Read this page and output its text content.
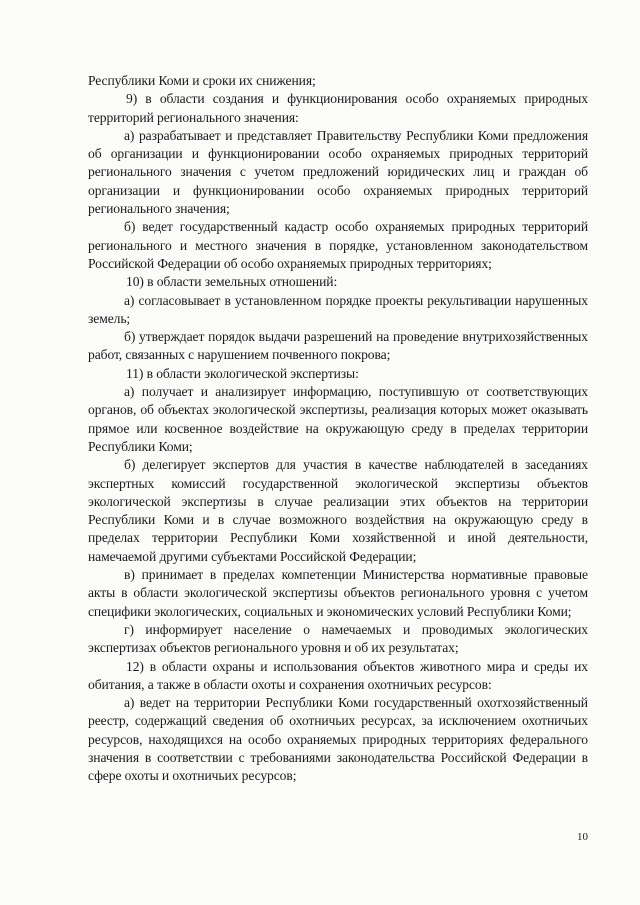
Республики Коми и сроки их снижения;

9) в области создания и функционирования особо охраняемых природных территорий регионального значения:

а) разрабатывает и представляет Правительству Республики Коми предложения об организации и функционировании особо охраняемых природных территорий регионального значения с учетом предложений юридических лиц и граждан об организации и функционировании особо охраняемых природных территорий регионального значения;

б) ведет государственный кадастр особо охраняемых природных территорий регионального и местного значения в порядке, установленном законодательством Российской Федерации об особо охраняемых природных территориях;

10) в области земельных отношений:

а) согласовывает в установленном порядке проекты рекультивации нарушенных земель;

б) утверждает порядок выдачи разрешений на проведение внутрихозяйственных работ, связанных с нарушением почвенного покрова;

11) в области экологической экспертизы:

а) получает и анализирует информацию, поступившую от соответствующих органов, об объектах экологической экспертизы, реализация которых может оказывать прямое или косвенное воздействие на окружающую среду в пределах территории Республики Коми;

б) делегирует экспертов для участия в качестве наблюдателей в заседаниях экспертных комиссий государственной экологической экспертизы объектов экологической экспертизы в случае реализации этих объектов на территории Республики Коми и в случае возможного воздействия на окружающую среду в пределах территории Республики Коми хозяйственной и иной деятельности, намечаемой другими субъектами Российской Федерации;

в) принимает в пределах компетенции Министерства нормативные правовые акты в области экологической экспертизы объектов регионального уровня с учетом специфики экологических, социальных и экономических условий Республики Коми;

г) информирует население о намечаемых и проводимых экологических экспертизах объектов регионального уровня и об их результатах;

12) в области охраны и использования объектов животного мира и среды их обитания, а также в области охоты и сохранения охотничьих ресурсов:

а) ведет на территории Республики Коми государственный охотхозяйственный реестр, содержащий сведения об охотничьих ресурсах, за исключением охотничьих ресурсов, находящихся на особо охраняемых природных территориях федерального значения в соответствии с требованиями законодательства Российской Федерации в сфере охоты и охотничьих ресурсов;

10
